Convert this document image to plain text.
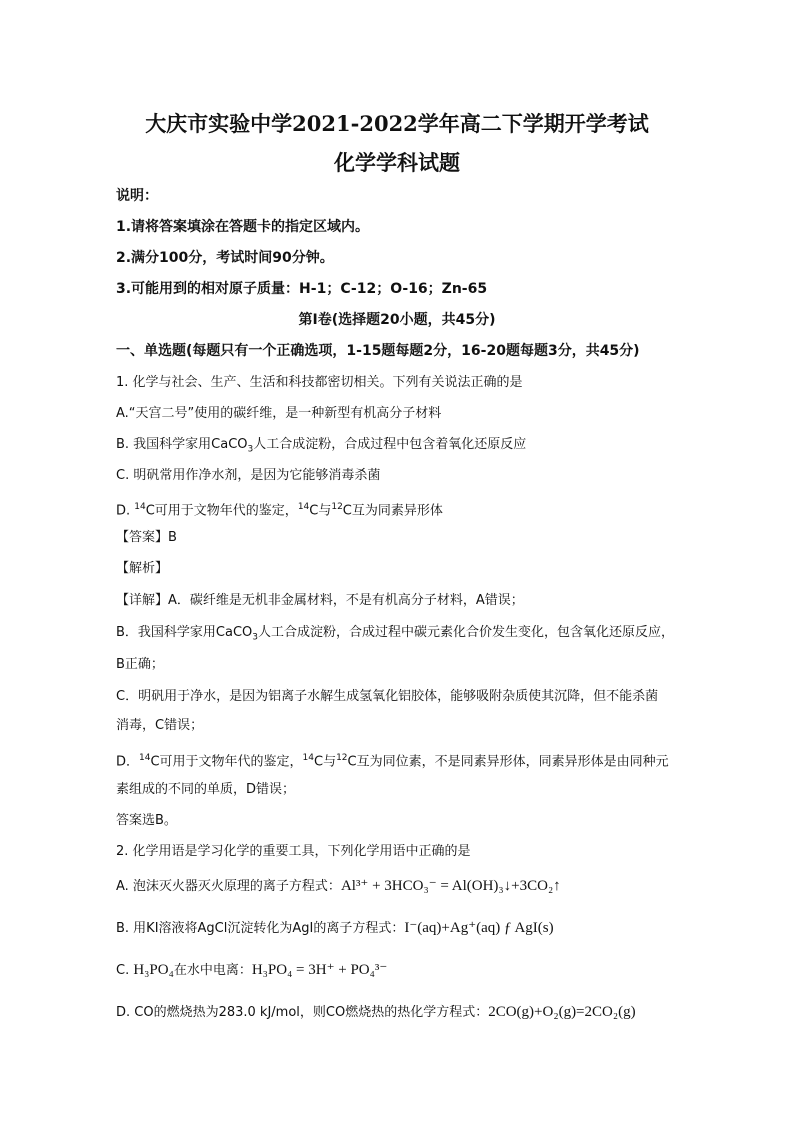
大庆市实验中学2021-2022学年高二下学期开学考试
化学学科试题
说明：
1.请将答案填涂在答题卡的指定区域内。
2.满分100分，考试时间90分钟。
3.可能用到的相对原子质量：H-1；C-12；O-16；Zn-65
第Ⅰ卷(选择题20小题，共45分)
一、单选题(每题只有一个正确选项，1-15题每题2分，16-20题每题3分，共45分)
1. 化学与社会、生产、生活和科技都密切相关。下列有关说法正确的是
A.“天宫二号”使用的碳纤维，是一种新型有机高分子材料
B. 我国科学家用CaCO$_3$人工合成淀粉，合成过程中包含着氧化还原反应
C. 明矾常用作净水剂，是因为它能够消毒杀菌
D. $^{14}$C可用于文物年代的鉴定，$^{14}$C与$^{12}$C互为同素异形体
【答案】B
【解析】
【详解】A．碳纤维是无机非金属材料，不是有机高分子材料，A错误；
B．我国科学家用CaCO$_3$人工合成淀粉，合成过程中碳元素化合价发生变化，包含氧化还原反应，
B正确；
C．明矾用于净水，是因为铝离子水解生成氢氧化铝胶体，能够吸附杂质使其沉降，但不能杀菌
消毒，C错误；
D．$^{14}$C可用于文物年代的鉴定，$^{14}$C与$^{12}$C互为同位素，不是同素异形体，同素异形体是由同种元
素组成的不同的单质，D错误；
答案选B。
2. 化学用语是学习化学的重要工具，下列化学用语中正确的是
A. 泡沫灭火器灭火原理的离子方程式：Al³⁺ + 3HCO₃⁻ = Al(OH)₃↓+3CO₂↑
B. 用KI溶液将AgCl沉淀转化为AgI的离子方程式：I⁻(aq)+Ag⁺(aq) ƒ AgI(s)
C. H₃PO₄在水中电离：H₃PO₄ = 3H⁺ + PO₄³⁻
D. CO的燃烧热为283.0 kJ/mol，则CO燃烧热的热化学方程式：2CO(g)+O₂(g)=2CO₂(g)
